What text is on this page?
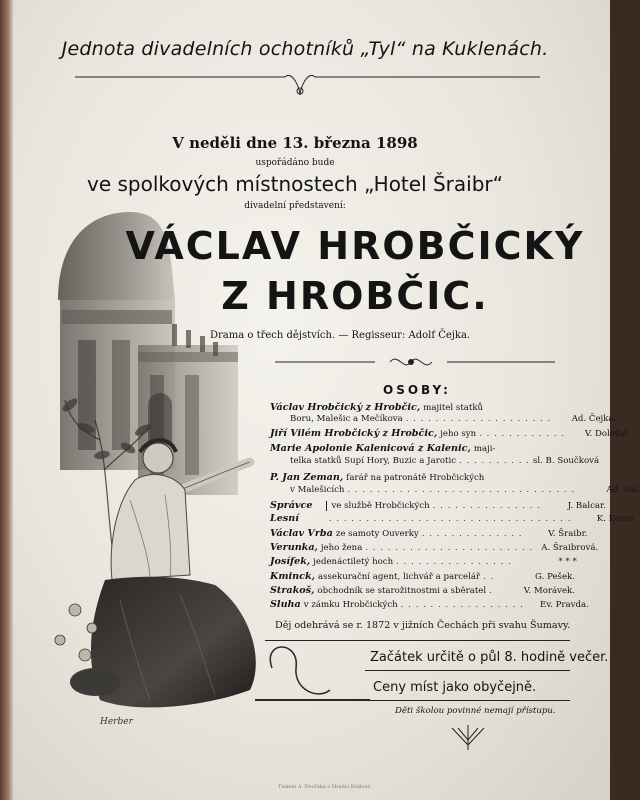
Jednota divadelních ochotníků „Tyl“ na Kuklenách.
V neděli dne 13. března 1898
uspořádáno bude
ve spolkových místnostech „Hotel Šraibr“
divadelní představení:
VÁCLAV HROBČICKÝ
Z HROBČIC.
Drama o třech dějstvích. — Regisseur: Adolf Čejka.
OSOBY:
Václav Hrobčický z Hrobčic, majitel statků
Boru, Malešic a Mečíkova . . . . . . . . . . . . . . . . . . . .	Ad. Čejka.
Jiří Vilém Hrobčický z Hrobčic, jeho syn . . . . . . . . . . . .	V. Doležal.
Marie Apolonie Kalenicová z Kalenic, maji-
telka statků Supí Hory, Buzic a Jarotic . . . . . . . . . . sl. B. Součková
P. Jan Zeman, farář na patronátě Hrobčických
v Malešicích . . . . . . . . . . . . . . . . . . . . . . . . . . . . . . .	Ad. Sál.
Správce	ve službě Hrobčických . . . . . . . . . . . . . . .	J. Balcar.
Lesní	. . . . . . . . . . . . . . . . . . . . . . . . . . . . . . . . .	K. Koros.
Václav Vrba ze samoty Ouverky . . . . . . . . . . . . . .	V. Šraibr.
Verunka, jeho žena . . . . . . . . . . . . . . . . . . . . . . . A. Šraibrová.
Josífek, jedenáctiletý hoch . . . . . . . . . . . . . . . .	* * *
Kminck, assekurační agent, lichvář a parcelář . .	G. Pešek.
Strakoš, obchodník se starožitnostmi a sběratel .	V. Morávek.
Sluha v zámku Hrobčických . . . . . . . . . . . . . . . . .	Ev. Pravda.
Děj odehrává se r. 1872 v jižních Čechách při svahu Šumavy.
Začátek určitě o půl 8. hodině večer.
Ceny míst jako obyčejně.
Děti školou povinné nemají přístupu.
Herber
Tiskem A. Dvořáka v Hradci Králové
